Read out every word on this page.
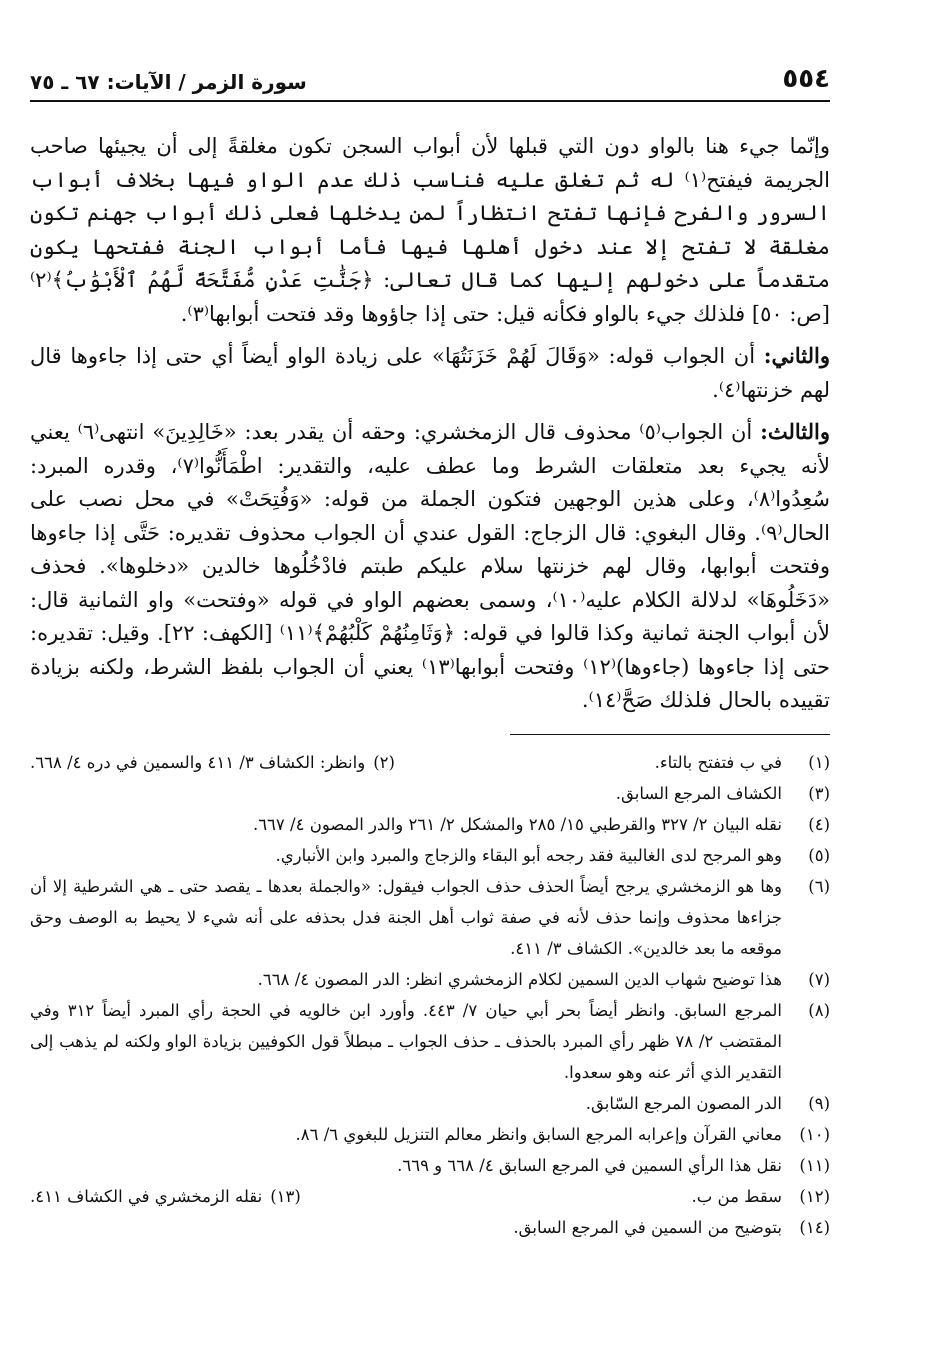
٥٥٤
سورة الزمر / الآيات: ٦٧ ـ ٧٥

وإنّما جيء هنا بالواو دون التي قبلها لأن أبواب السجن تكون مغلقةً إلى أن يجيئها صاحب الجريمة فيفتح⁽١⁾ له ثم تغلق عليه فناسب ذلك عدم الواو فيها بخلاف أبواب السرور والفرح فإنها تفتح انتظاراً لمن يدخلها فعلى ذلك أبواب جهنم تكون مغلقة لا تفتح إلا عند دخول أهلها فيها فأما أبواب الجنة ففتحها يكون متقدماً على دخولهم إليها كما قال تعالى: ﴿جَنَّٰتِ عَدْنٍ مُّفَتَّحَةً لَّهُمُ ٱلْأَبْوَٰبُ﴾⁽٢⁾ [ص: ٥٠] فلذلك جيء بالواو فكأنه قيل: حتى إذا جاؤوها وقد فتحت أبوابها⁽٣⁾.

والثاني: أن الجواب قوله: «وَقَالَ لَهُمْ خَزَنَتُهَا» على زيادة الواو أيضاً أي حتى إذا جاءوها قال لهم خزنتها⁽٤⁾.

والثالث: أن الجواب⁽٥⁾ محذوف قال الزمخشري: وحقه أن يقدر بعد: «خَالِدِينَ» انتهى⁽٦⁾ يعني لأنه يجيء بعد متعلقات الشرط وما عطف عليه، والتقدير: اطْمَأَنُّوا⁽٧⁾، وقدره المبرد: سُعِدُوا⁽٨⁾، وعلى هذين الوجهين فتكون الجملة من قوله: «وَفُتِحَتْ» في محل نصب على الحال⁽٩⁾. وقال البغوي: قال الزجاج: القول عندي أن الجواب محذوف تقديره: حَتَّى إذا جاءوها وفتحت أبوابها، وقال لهم خزنتها سلام عليكم طبتم فادْخُلُوها خالدين «دخلوها». فحذف «دَخَلُوهَا» لدلالة الكلام عليه⁽١٠⁾، وسمى بعضهم الواو في قوله «وفتحت» واو الثمانية قال: لأن أبواب الجنة ثمانية وكذا قالوا في قوله: ﴿وَثَامِنُهُمْ كَلْبُهُمْ﴾⁽١١⁾ [الكهف: ٢٢]. وقيل: تقديره: حتى إذا جاءوها (جاءوها)⁽١٢⁾ وفتحت أبوابها⁽١٣⁾ يعني أن الجواب بلفظ الشرط، ولكنه بزيادة تقييده بالحال فلذلك صَحَّ⁽١٤⁾.

(١)
في ب فتفتح بالتاء.
(٢)
وانظر: الكشاف ٣/ ٤١١ والسمين في دره ٤/ ٦٦٨.
(٣)
الكشاف المرجع السابق.
(٤)
نقله البيان ٢/ ٣٢٧ والقرطبي ١٥/ ٢٨٥ والمشكل ٢/ ٢٦١ والدر المصون ٤/ ٦٦٧.
(٥)
وهو المرجح لدى الغالبية فقد رجحه أبو البقاء والزجاج والمبرد وابن الأنباري.
(٦)
وها هو الزمخشري يرجح أيضاً الحذف حذف الجواب فيقول: «والجملة بعدها ـ يقصد حتى ـ هي الشرطية إلا أن جزاءها محذوف وإنما حذف لأنه في صفة ثواب أهل الجنة فدل بحذفه على أنه شيء لا يحيط به الوصف وحق موقعه ما بعد خالدين». الكشاف ٣/ ٤١١.
(٧)
هذا توضيح شهاب الدين السمين لكلام الزمخشري انظر: الدر المصون ٤/ ٦٦٨.
(٨)
المرجع السابق. وانظر أيضاً بحر أبي حيان ٧/ ٤٤٣. وأورد ابن خالويه في الحجة رأي المبرد أيضاً ٣١٢ وفي المقتضب ٢/ ٧٨ ظهر رأي المبرد بالحذف ـ حذف الجواب ـ مبطلاً قول الكوفيين بزيادة الواو ولكنه لم يذهب إلى التقدير الذي أثر عنه وهو سعدوا.
(٩)
الدر المصون المرجع السّابق.
(١٠)
معاني القرآن وإعرابه المرجع السابق وانظر معالم التنزيل للبغوي ٦/ ٨٦.
(١١)
نقل هذا الرأي السمين في المرجع السابق ٤/ ٦٦٨ و ٦٦٩.
(١٢)
سقط من ب.
(١٣)
نقله الزمخشري في الكشاف ٤١١.
(١٤)
بتوضيح من السمين في المرجع السابق.
